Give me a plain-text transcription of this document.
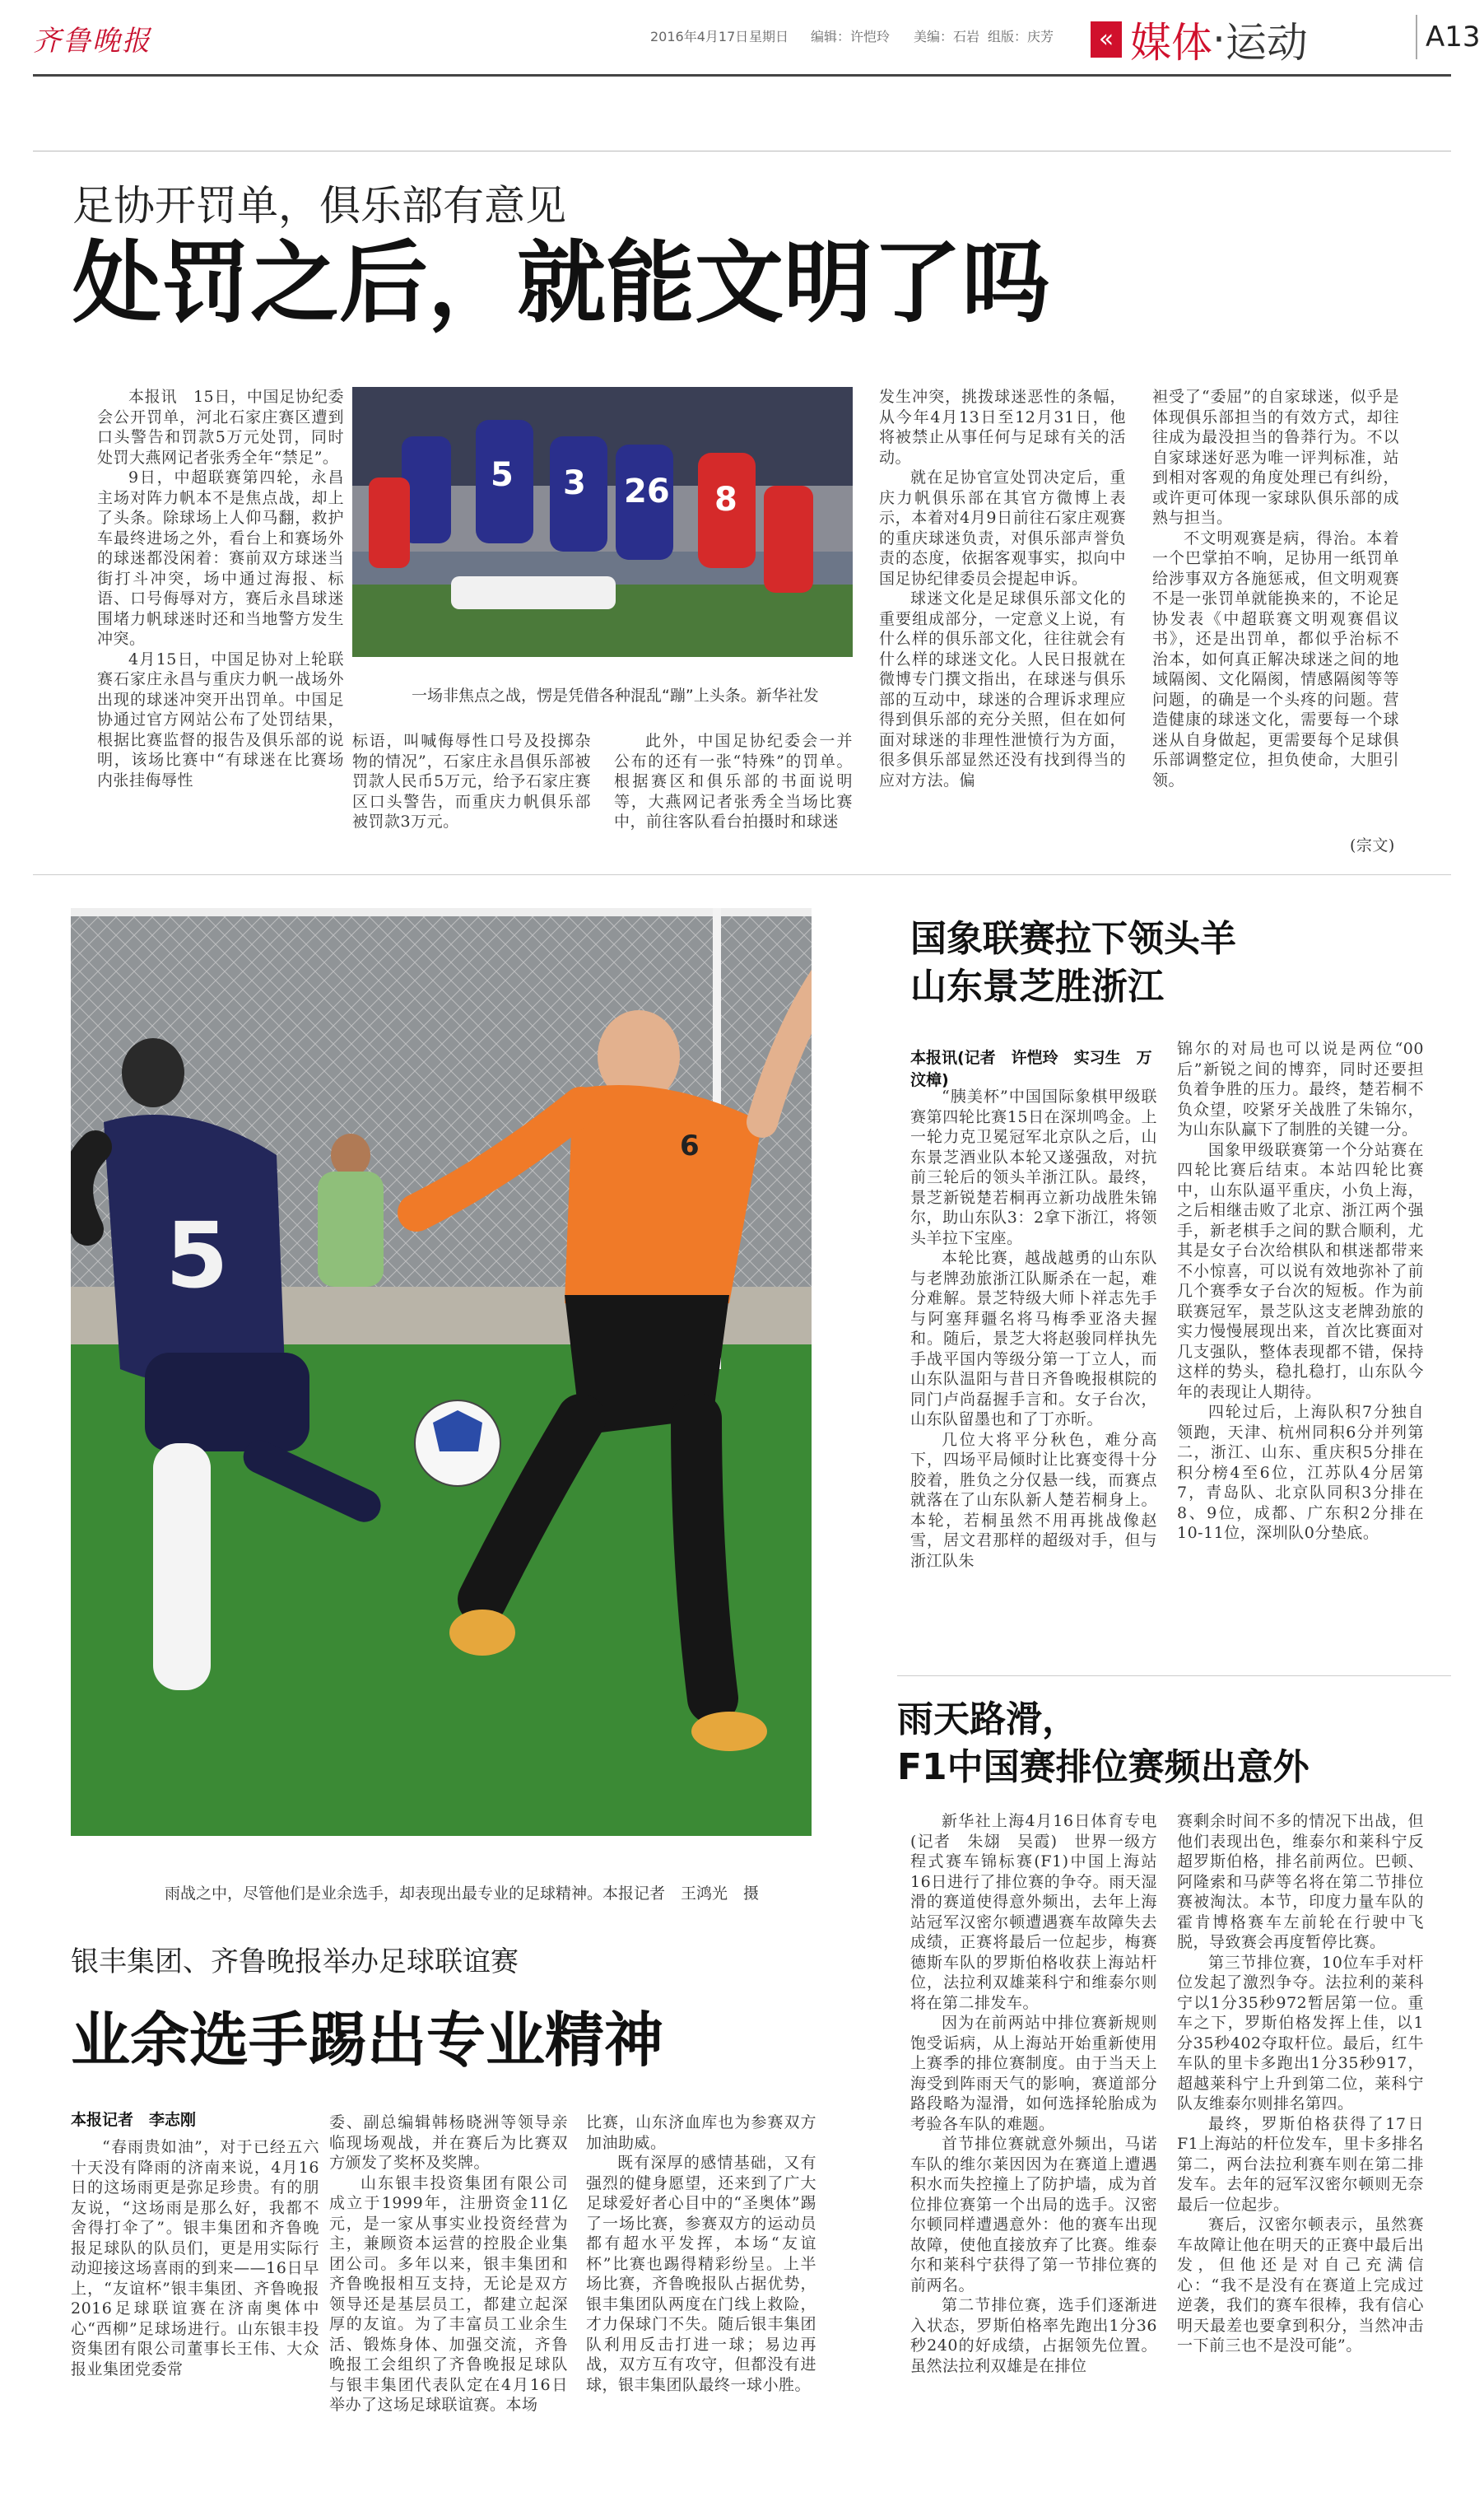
齐鲁晚报	2016年4月17日 星期日 编辑：许恺玲 美编：石岩 组版：庆芳	« 媒体 · 运动	A13
足协开罚单，俱乐部有意见
处罚之后，就能文明了吗

本报讯　15日，中国足协纪委会公开罚单，河北石家庄赛区遭到口头警告和罚款5万元处罚，同时处罚大燕网记者张秀全年“禁足”。

9日，中超联赛第四轮，永昌主场对阵力帆本不是焦点战，却上了头条。除球场上人仰马翻，救护车最终进场之外，看台上和赛场外的球迷都没闲着：赛前双方球迷当街打斗冲突，场中通过海报、标语、口号侮辱对方，赛后永昌球迷围堵力帆球迷时还和当地警方发生冲突。

4月15日，中国足协对上轮联赛石家庄永昌与重庆力帆一战场外出现的球迷冲突开出罚单。中国足协通过官方网站公布了处罚结果，根据比赛监督的报告及俱乐部的说明，该场比赛中“有球迷在比赛场内张挂侮辱性

5 3 26 8
一场非焦点之战，愣是凭借各种混乱“蹦”上头条。新华社发

标语，叫喊侮辱性口号及投掷杂物的情况”，石家庄永昌俱乐部被罚款人民币5万元，给予石家庄赛区口头警告，而重庆力帆俱乐部被罚款3万元。

此外，中国足协纪委会一并公布的还有一张“特殊”的罚单。根据赛区和俱乐部的书面说明等，大燕网记者张秀全当场比赛中，前往客队看台拍摄时和球迷

发生冲突，挑拨球迷恶性的条幅，从今年4月13日至12月31日，他将被禁止从事任何与足球有关的活动。

就在足协官宣处罚决定后，重庆力帆俱乐部在其官方微博上表示，本着对4月9日前往石家庄观赛的重庆球迷负责，对俱乐部声誉负责的态度，依据客观事实，拟向中国足协纪律委员会提起申诉。

球迷文化是足球俱乐部文化的重要组成部分，一定意义上说，有什么样的俱乐部文化，往往就会有什么样的球迷文化。人民日报就在微博专门撰文指出，在球迷与俱乐部的互动中，球迷的合理诉求理应得到俱乐部的充分关照，但在如何面对球迷的非理性泄愤行为方面，很多俱乐部显然还没有找到得当的应对方法。偏

袒受了“委屈”的自家球迷，似乎是体现俱乐部担当的有效方式，却往往成为最没担当的鲁莽行为。不以自家球迷好恶为唯一评判标准，站到相对客观的角度处理已有纠纷，或许更可体现一家球队俱乐部的成熟与担当。

不文明观赛是病，得治。本着一个巴掌拍不响，足协用一纸罚单给涉事双方各施惩戒，但文明观赛不是一张罚单就能换来的，不论足协发表《中超联赛文明观赛倡议书》，还是出罚单，都似乎治标不治本，如何真正解决球迷之间的地域隔阂、文化隔阂，情感隔阂等等问题，的确是一个头疼的问题。营造健康的球迷文化，需要每一个球迷从自身做起，更需要每个足球俱乐部调整定位，担负使命，大胆引领。

(宗文)
5
6
雨战之中，尽管他们是业余选手，却表现出最专业的足球精神。本报记者　王鸿光　摄
国象联赛拉下领头羊
山东景芝胜浙江
本报讯(记者　许恺玲　实习生　万汶樟)

“胰美杯”中国国际象棋甲级联赛第四轮比赛15日在深圳鸣金。上一轮力克卫冕冠军北京队之后，山东景芝酒业队本轮又遂强敌，对抗前三轮后的领头羊浙江队。最终，景芝新锐楚若桐再立新功战胜朱锦尔，助山东队3：2拿下浙江，将领头羊拉下宝座。

本轮比赛，越战越勇的山东队与老牌劲旅浙江队厮杀在一起，难分难解。景芝特级大师卜祥志先手与阿塞拜疆名将马梅季亚洛夫握和。随后，景芝大将赵骏同样执先手战平国内等级分第一丁立人，而山东队温阳与昔日齐鲁晚报棋院的同门卢尚磊握手言和。女子台次，山东队留墨也和了丁亦昕。

几位大将平分秋色，难分高下，四场平局倾时让比赛变得十分胶着，胜负之分仅悬一线，而赛点就落在了山东队新人楚若桐身上。本轮，若桐虽然不用再挑战像赵雪，居文君那样的超级对手，但与浙江队朱

锦尔的对局也可以说是两位“00后”新锐之间的博弈，同时还要担负着争胜的压力。最终，楚若桐不负众望，咬紧牙关战胜了朱锦尔，为山东队赢下了制胜的关键一分。

国象甲级联赛第一个分站赛在四轮比赛后结束。本站四轮比赛中，山东队逼平重庆，小负上海，之后相继击败了北京、浙江两个强手，新老棋手之间的默合顺利，尤其是女子台次给棋队和棋迷都带来不小惊喜，可以说有效地弥补了前几个赛季女子台次的短板。作为前联赛冠军，景芝队这支老牌劲旅的实力慢慢展现出来，首次比赛面对几支强队，整体表现都不错，保持这样的势头，稳扎稳打，山东队今年的表现让人期待。

四轮过后，上海队积7分独自领跑，天津、杭州同积6分并列第二，浙江、山东、重庆积5分排在积分榜4至6位，江苏队4分居第7，青岛队、北京队同积3分排在8、9位，成都、广东积2分排在10-11位，深圳队0分垫底。

雨天路滑，
F1中国赛排位赛频出意外

新华社上海4月16日体育专电(记者　朱翃　吴霞)　世界一级方程式赛车锦标赛(F1)中国上海站16日进行了排位赛的争夺。雨天湿滑的赛道使得意外频出，去年上海站冠军汉密尔顿遭遇赛车故障失去成绩，正赛将最后一位起步，梅赛德斯车队的罗斯伯格收获上海站杆位，法拉利双雄莱科宁和维泰尔则将在第二排发车。

因为在前两站中排位赛新规则饱受诟病，从上海站开始重新使用上赛季的排位赛制度。由于当天上海受到阵雨天气的影响，赛道部分路段略为湿滑，如何选择轮胎成为考验各车队的难题。

首节排位赛就意外频出，马诺车队的维尔莱因因为在赛道上遭遇积水而失控撞上了防护墙，成为首位排位赛第一个出局的选手。汉密尔顿同样遭遇意外：他的赛车出现故障，使他直接放弃了比赛。维泰尔和莱科宁获得了第一节排位赛的前两名。

第二节排位赛，选手们逐渐进入状态，罗斯伯格率先跑出1分36秒240的好成绩，占据领先位置。虽然法拉利双雄是在排位

赛剩余时间不多的情况下出战，但他们表现出色，维泰尔和莱科宁反超罗斯伯格，排名前两位。巴顿、阿隆索和马萨等名将在第二节排位赛被淘汰。本节，印度力量车队的霍肯博格赛车左前轮在行驶中飞脱，导致赛会再度暂停比赛。

第三节排位赛，10位车手对杆位发起了激烈争夺。法拉利的莱科宁以1分35秒972暂居第一位。重车之下，罗斯伯格发挥上佳，以1分35秒402夺取杆位。最后，红牛车队的里卡多跑出1分35秒917，超越莱科宁上升到第二位，莱科宁队友维泰尔则排名第四。

最终，罗斯伯格获得了17日F1上海站的杆位发车，里卡多排名第二，两台法拉利赛车则在第二排发车。去年的冠军汉密尔顿则无奈最后一位起步。

赛后，汉密尔顿表示，虽然赛车故障让他在明天的正赛中最后出发，但他还是对自己充满信心：“我不是没有在赛道上完成过逆袭，我们的赛车很棒，我有信心明天最差也要拿到积分，当然冲击一下前三也不是没可能”。

银丰集团、齐鲁晚报举办足球联谊赛
业余选手踢出专业精神
本报记者　李志刚

“春雨贵如油”，对于已经五六十天没有降雨的济南来说，4月16日的这场雨更是弥足珍贵。有的朋友说，“这场雨是那么好，我都不舍得打伞了”。银丰集团和齐鲁晚报足球队的队员们，更是用实际行动迎接这场喜雨的到来——16日早上，“友谊杯”银丰集团、齐鲁晚报2016足球联谊赛在济南奥体中心“西柳”足球场进行。山东银丰投资集团有限公司董事长王伟、大众报业集团党委常

委、副总编辑韩杨晓洲等领导亲临现场观战，并在赛后为比赛双方颁发了奖杯及奖牌。

山东银丰投资集团有限公司成立于1999年，注册资金11亿元，是一家从事实业投资经营为主，兼顾资本运营的控股企业集团公司。多年以来，银丰集团和齐鲁晚报相互支持，无论是双方领导还是基层员工，都建立起深厚的友谊。为了丰富员工业余生活、锻炼身体、加强交流，齐鲁晚报工会组织了齐鲁晚报足球队与银丰集团代表队定在4月16日举办了这场足球联谊赛。本场

比赛，山东济血库也为参赛双方加油助威。

既有深厚的感情基础，又有强烈的健身愿望，还来到了广大足球爱好者心目中的“圣奥体”踢了一场比赛，参赛双方的运动员都有超水平发挥，本场“友谊杯”比赛也踢得精彩纷呈。上半场比赛，齐鲁晚报队占据优势，银丰集团队两度在门线上救险，才力保球门不失。随后银丰集团队利用反击打进一球；易边再战，双方互有攻守，但都没有进球，银丰集团队最终一球小胜。
